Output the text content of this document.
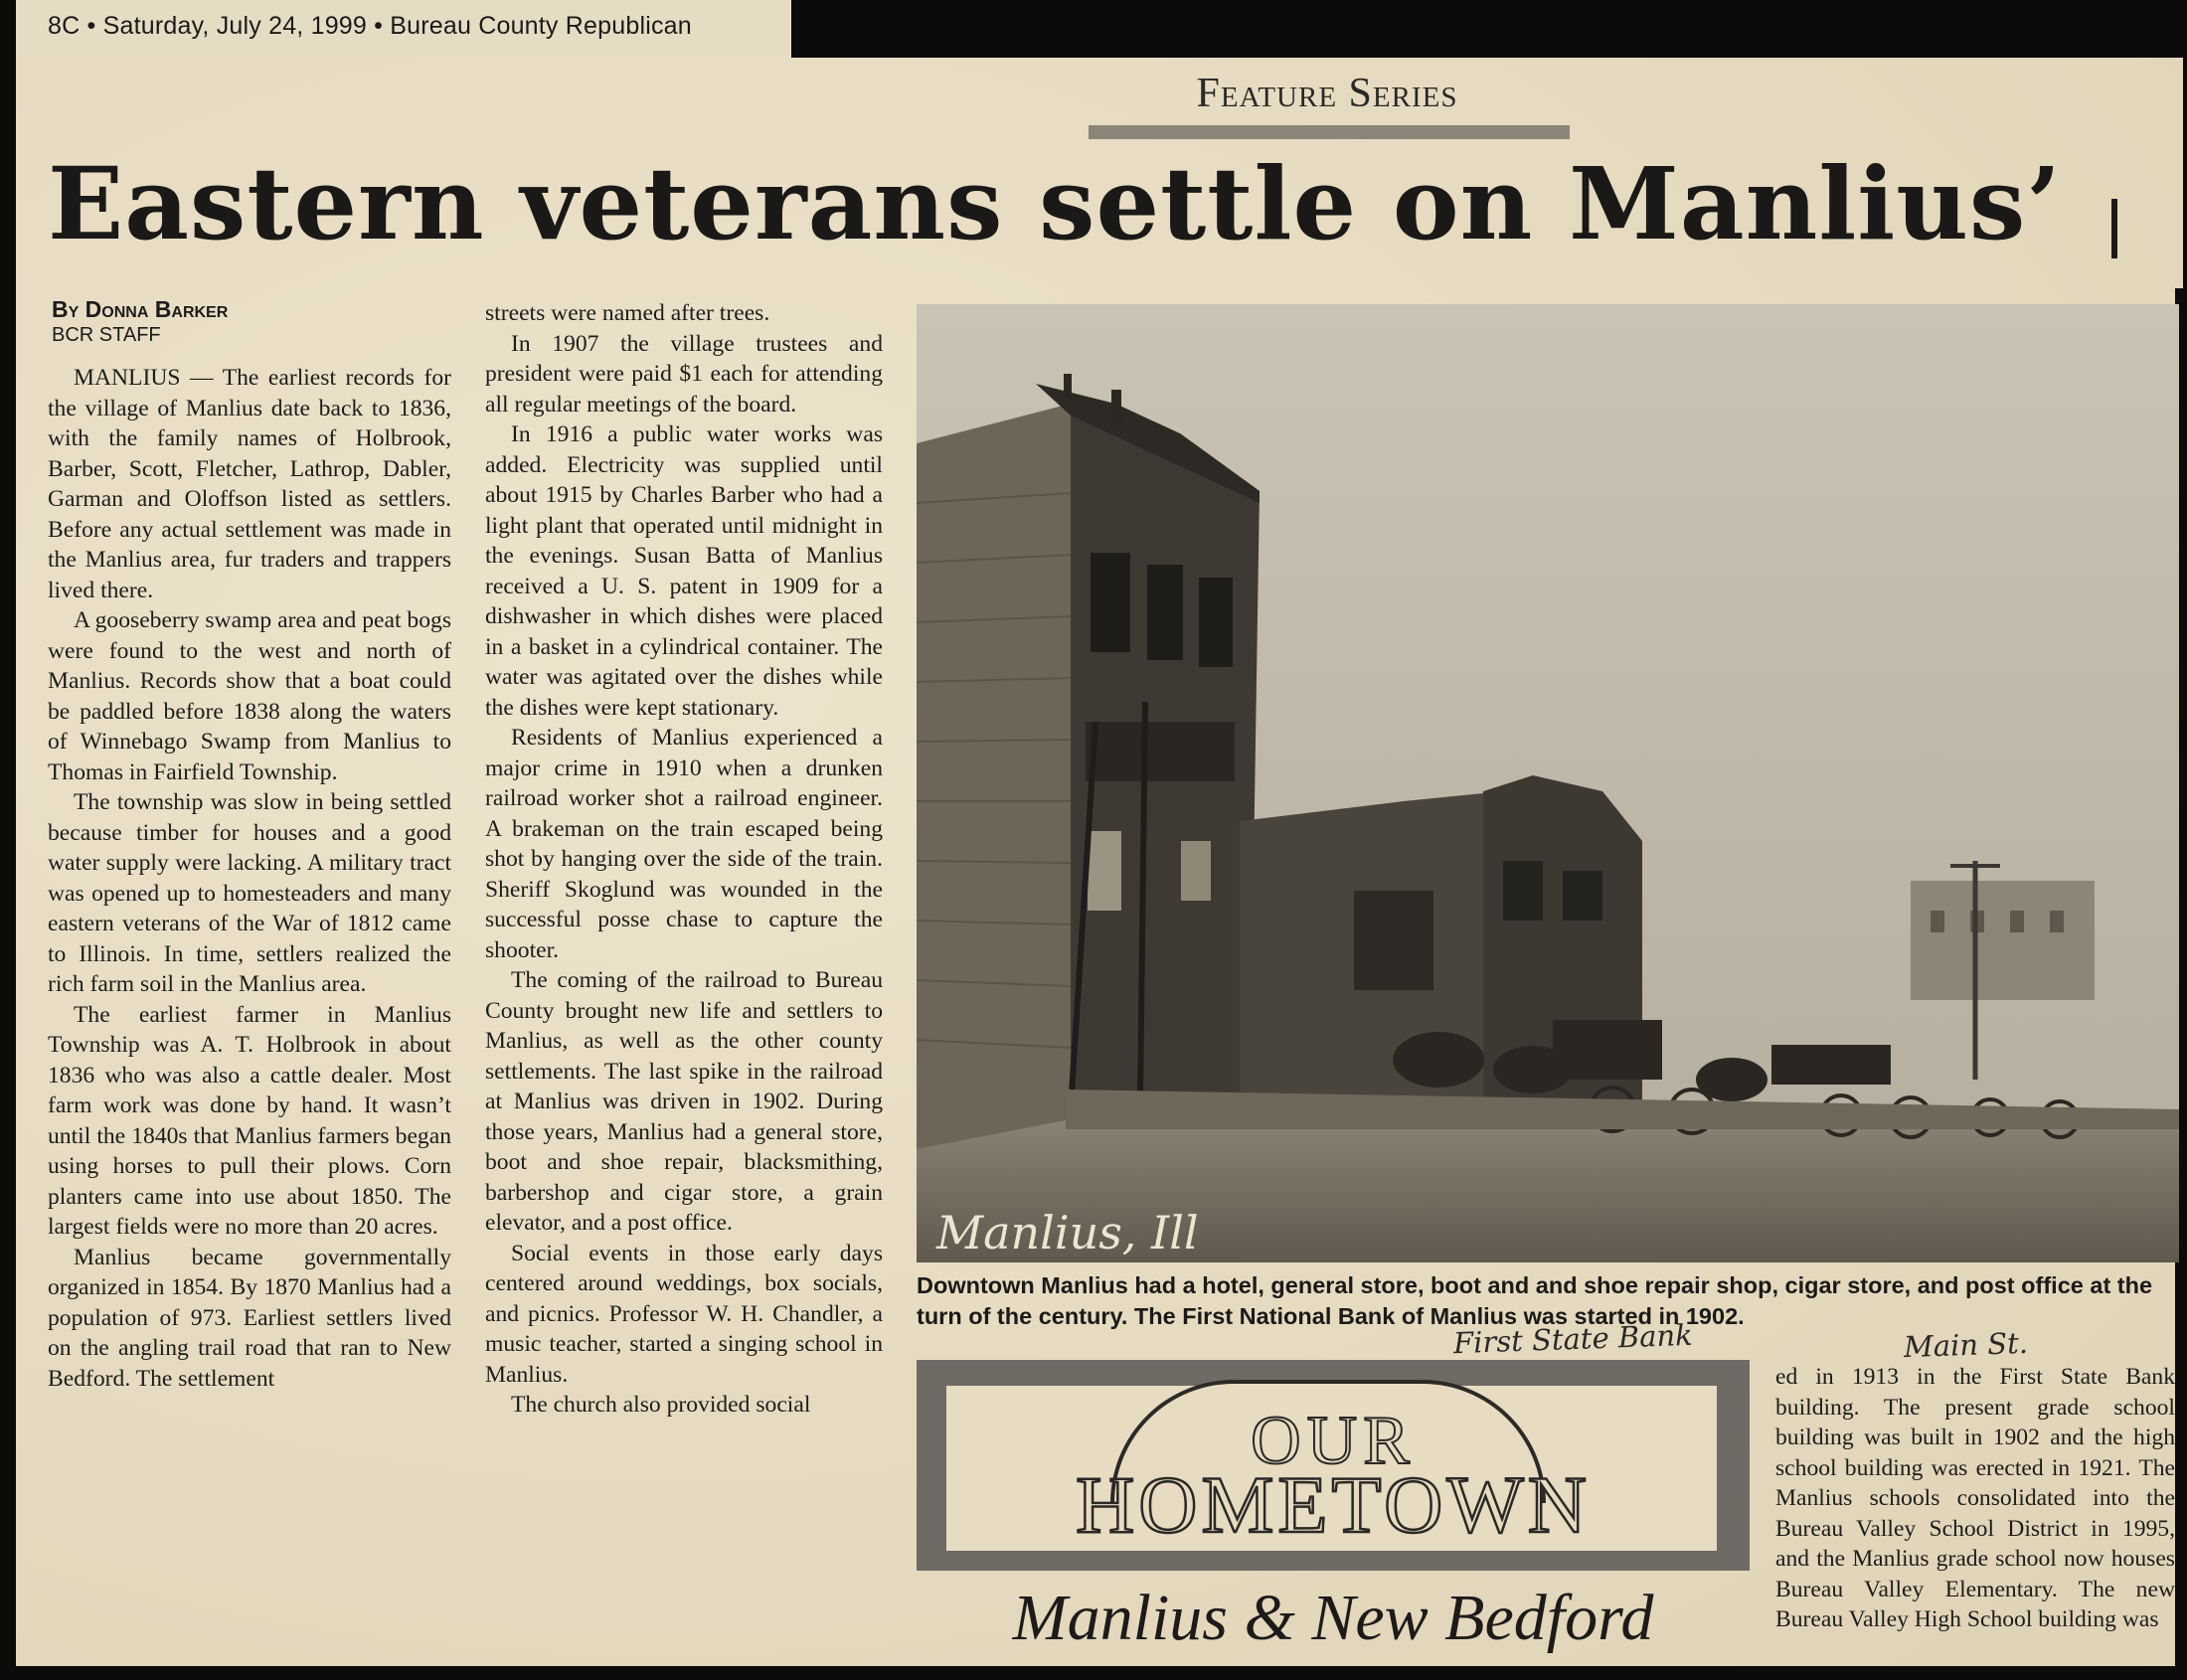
8C • Saturday, July 24, 1999 • Bureau County Republican
Feature Series
Eastern veterans settle on Manlius’
By Donna Barker
BCR STAFF

MANLIUS — The earliest records for the village of Manlius date back to 1836, with the family names of Holbrook, Barber, Scott, Fletcher, Lathrop, Dabler, Garman and Oloffson listed as settlers. Before any actual settlement was made in the Manlius area, fur traders and trappers lived there.

A gooseberry swamp area and peat bogs were found to the west and north of Manlius. Records show that a boat could be paddled before 1838 along the waters of Winnebago Swamp from Manlius to Thomas in Fairfield Township.

The township was slow in being settled because timber for houses and a good water supply were lacking. A military tract was opened up to homesteaders and many eastern veterans of the War of 1812 came to Illinois. In time, settlers realized the rich farm soil in the Manlius area.

The earliest farmer in Manlius Township was A. T. Holbrook in about 1836 who was also a cattle dealer. Most farm work was done by hand. It wasn’t until the 1840s that Manlius farmers began using horses to pull their plows. Corn planters came into use about 1850. The largest fields were no more than 20 acres.

Manlius became governmentally organized in 1854. By 1870 Manlius had a population of 973. Earliest settlers lived on the angling trail road that ran to New Bedford. The settlement

streets were named after trees.

In 1907 the village trustees and president were paid $1 each for attending all regular meetings of the board.

In 1916 a public water works was added. Electricity was supplied until about 1915 by Charles Barber who had a light plant that operated until midnight in the evenings. Susan Batta of Manlius received a U. S. patent in 1909 for a dishwasher in which dishes were placed in a basket in a cylindrical container. The water was agitated over the dishes while the dishes were kept stationary.

Residents of Manlius experienced a major crime in 1910 when a drunken railroad worker shot a railroad engineer. A brakeman on the train escaped being shot by hanging over the side of the train. Sheriff Skoglund was wounded in the successful posse chase to capture the shooter.

The coming of the railroad to Bureau County brought new life and settlers to Manlius, as well as the other county settlements. The last spike in the railroad at Manlius was driven in 1902. During those years, Manlius had a general store, boot and shoe repair, blacksmithing, barbershop and cigar store, a grain elevator, and a post office.

Social events in those early days centered around weddings, box socials, and picnics. Professor W. H. Chandler, a music teacher, started a singing school in Manlius.

The church also provided social

Manlius, Ill
Downtown Manlius had a hotel, general store, boot and and shoe repair shop, cigar store, and post office at the turn of the century. The First National Bank of Manlius was started in 1902.
First State Bank	Main St.
OUR
HOMETOWN
Manlius & New Bedford

ed in 1913 in the First State Bank building. The present grade school building was built in 1902 and the high school building was erected in 1921. The Manlius schools consolidated into the Bureau Valley School District in 1995, and the Manlius grade school now houses Bureau Valley Elementary. The new Bureau Valley High School building was
